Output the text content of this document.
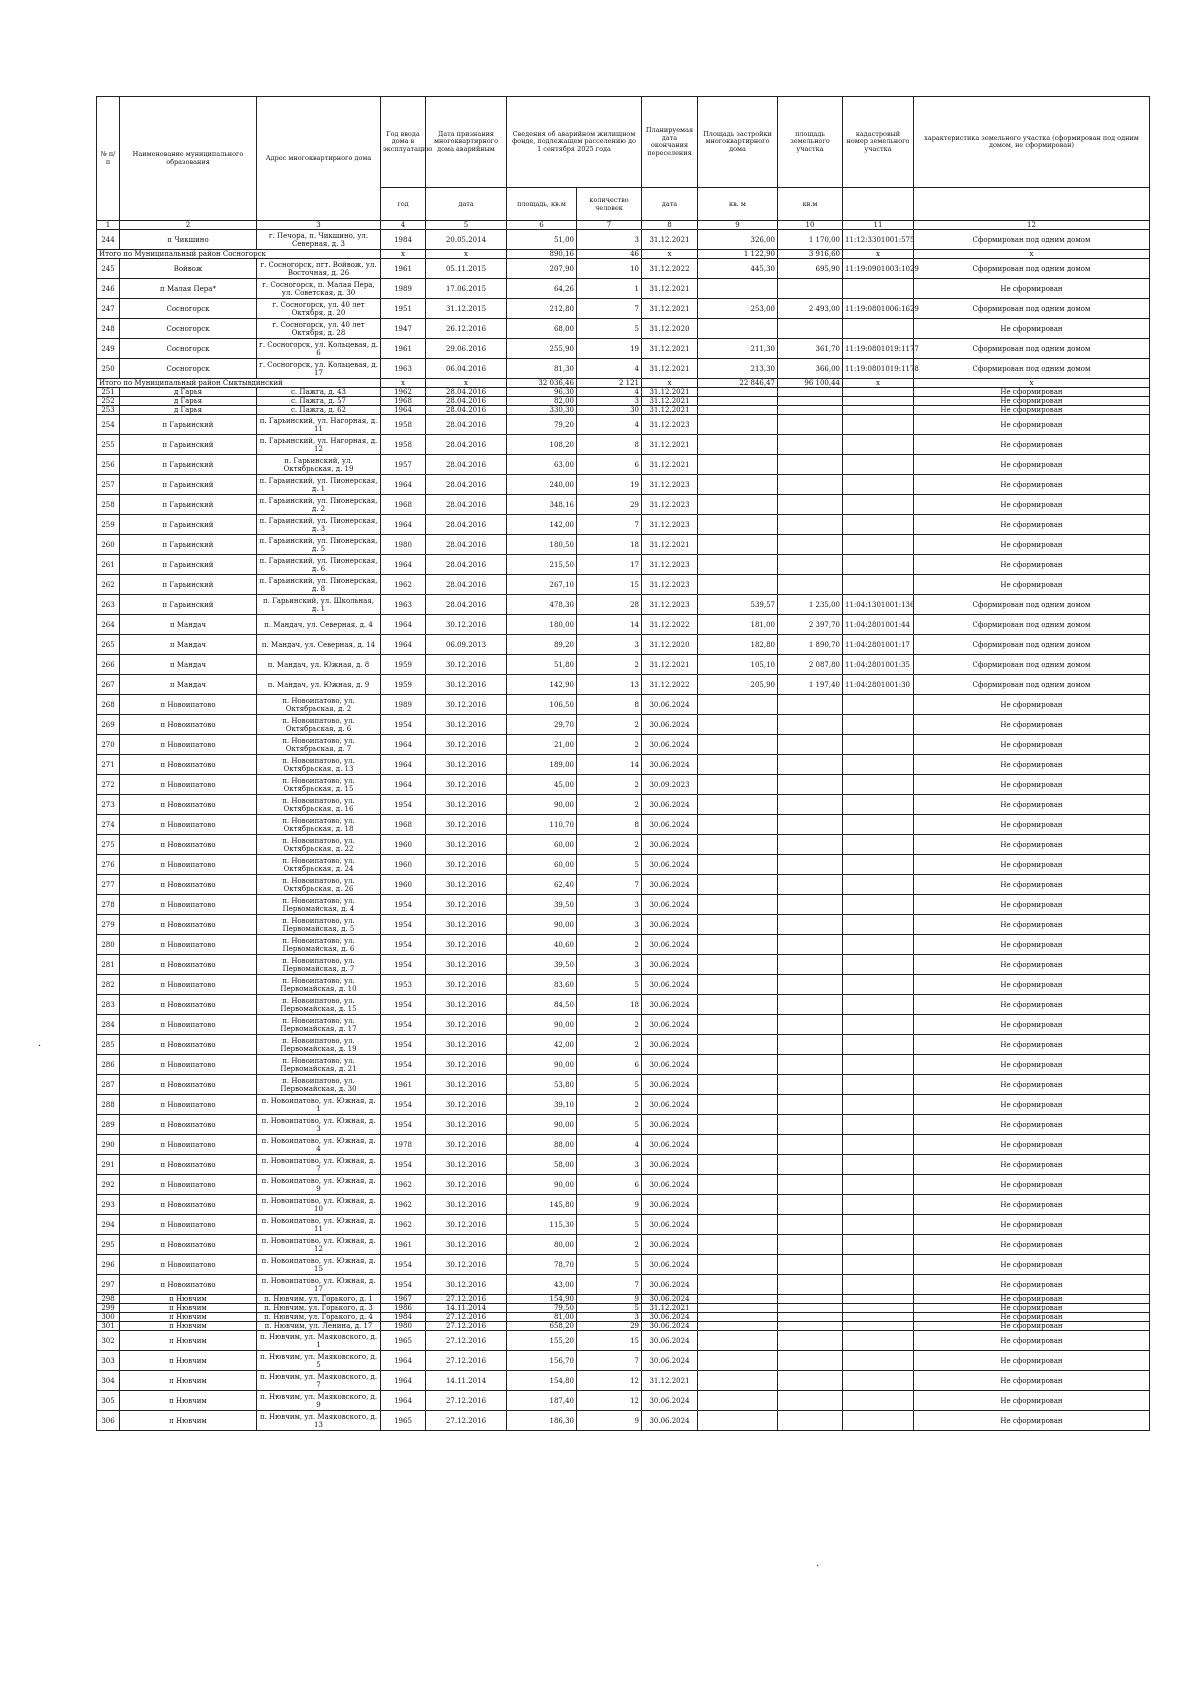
№ п/п	Наименование муниципального образования	Адрес многоквартирного дома	Год ввода дома в эксплуатацию	Дата признания многоквартирного дома аварийным	Сведения об аварийном жилищном фонде, подлежащем расселению до 1 сентября 2025 года		Планируемая дата окончания переселения	Площадь застройки многоквартирного дома	площадь земельного участка	кадастровый номер земельного участка	характеристика земельного участка (сформирован под одним домом, не сформирован)
			год	дата	площадь, кв.м	количество человек	дата	кв. м	кв.м		
1	2	3	4	5	6	7	8	9	10	11	12
244	п Чикшино	г. Печора, п. Чикшино, ул. Северная, д. 3	1984	20.05.2014	51,00	3	31.12.2021	326,00	1 170,00	11:12:3301001:575	Сформирован под одним домом
Итого по Муниципальный район Сосногорск			x	x	890,16	46	x	1 122,90	3 916,60	x	x
245	Войвож	г. Сосногорск, пгт. Войвож, ул. Восточная, д. 26	1961	05.11.2015	207,90	10	31.12.2022	445,30	695,90	11:19:0901003:1029	Сформирован под одним домом
246	п Малая Пера*	г. Сосногорск, п. Малая Пера, ул. Советская, д. 30	1989	17.06.2015	64,26	1	31.12.2021				Не сформирован
247	Сосногорск	г. Сосногорск, ул. 40 лет Октября, д. 20	1951	31.12.2015	212,80	7	31.12.2021	253,00	2 493,00	11:19:0801006:1629	Сформирован под одним домом
248	Сосногорск	г. Сосногорск, ул. 40 лет Октября, д. 28	1947	26.12.2016	68,00	5	31.12.2020				Не сформирован
249	Сосногорск	г. Сосногорск, ул. Кольцевая, д. 6	1961	29.06.2016	255,90	19	31.12.2021	211,30	361,70	11:19:0801019:1177	Сформирован под одним домом
250	Сосногорск	г. Сосногорск, ул. Кольцевая, д. 17	1963	06.04.2016	81,30	4	31.12.2021	213,30	366,00	11:19:0801019:1178	Сформирован под одним домом
Итого по Муниципальный район Сыктывдинский			x	x	32 036,46	2 121	x	22 846,47	96 100,44	x	x
251	д Гарья	с. Пажга, д. 43	1962	28.04.2016	96,30	4	31.12.2021				Не сформирован
252	д Гарья	с. Пажга, д. 57	1968	28.04.2016	82,00	3	31.12.2021				Не сформирован
253	д Гарья	с. Пажга, д. 62	1964	28.04.2016	330,30	30	31.12.2021				Не сформирован
254	п Гарьинский	п. Гарьинский, ул. Нагорная, д. 11	1958	28.04.2016	79,20	4	31.12.2023				Не сформирован
255	п Гарьинский	п. Гарьинский, ул. Нагорная, д. 12	1958	28.04.2016	108,20	8	31.12.2021				Не сформирован
256	п Гарьинский	п. Гарьинский, ул. Октябрьская, д. 19	1957	28.04.2016	63,00	6	31.12.2021				Не сформирован
257	п Гарьинский	п. Гарьинский, ул. Пионерская, д. 1	1964	28.04.2016	240,00	19	31.12.2023				Не сформирован
258	п Гарьинский	п. Гарьинский, ул. Пионерская, д. 2	1968	28.04.2016	348,16	29	31.12.2023				Не сформирован
259	п Гарьинский	п. Гарьинский, ул. Пионерская, д. 3	1964	28.04.2016	142,00	7	31.12.2023				Не сформирован
260	п Гарьинский	п. Гарьинский, ул. Пионерская, д. 5	1980	28.04.2016	180,50	18	31.12.2021				Не сформирован
261	п Гарьинский	п. Гарьинский, ул. Пионерская, д. 6	1964	28.04.2016	215,50	17	31.12.2023				Не сформирован
262	п Гарьинский	п. Гарьинский, ул. Пионерская, д. 8	1962	28.04.2016	267,10	15	31.12.2023				Не сформирован
263	п Гарьинский	п. Гарьинский, ул. Школьная, д. 1	1963	28.04.2016	478,30	28	31.12.2023	539,57	1 235,00	11:04:1301001:136	Сформирован под одним домом
264	п Мандач	п. Мандач, ул. Северная, д. 4	1964	30.12.2016	180,00	14	31.12.2022	181,00	2 397,70	11:04:2801001:44	Сформирован под одним домом
265	п Мандач	п. Мандач, ул. Северная, д. 14	1964	06.09.2013	89,20	3	31.12.2020	182,80	1 890,70	11:04:2801001:17	Сформирован под одним домом
266	п Мандач	п. Мандач, ул. Южная, д. 8	1959	30.12.2016	51,80	2	31.12.2021	105,10	2 087,80	11:04:2801001:35	Сформирован под одним домом
267	п Мандач	п. Мандач, ул. Южная, д. 9	1959	30.12.2016	142,90	13	31.12.2022	205,90	1 197,40	11:04:2801001:30	Сформирован под одним домом
268	п Новоипатово	п. Новоипатово, ул. Октябрьская, д. 2	1989	30.12.2016	106,50	8	30.06.2024				Не сформирован
269	п Новоипатово	п. Новоипатово, ул. Октябрьская, д. 6	1954	30.12.2016	29,70	2	30.06.2024				Не сформирован
270	п Новоипатово	п. Новоипатово, ул. Октябрьская, д. 7	1964	30.12.2016	21,00	2	30.06.2024				Не сформирован
271	п Новоипатово	п. Новоипатово, ул. Октябрьская, д. 13	1964	30.12.2016	189,00	14	30.06.2024				Не сформирован
272	п Новоипатово	п. Новоипатово, ул. Октябрьская, д. 15	1964	30.12.2016	45,00	2	30.09.2023				Не сформирован
273	п Новоипатово	п. Новоипатово, ул. Октябрьская, д. 16	1954	30.12.2016	90,00	2	30.06.2024				Не сформирован
274	п Новоипатово	п. Новоипатово, ул. Октябрьская, д. 18	1968	30.12.2016	110,70	8	30.06.2024				Не сформирован
275	п Новоипатово	п. Новоипатово, ул. Октябрьская, д. 22	1960	30.12.2016	60,00	2	30.06.2024				Не сформирован
276	п Новоипатово	п. Новоипатово, ул. Октябрьская, д. 24	1960	30.12.2016	60,00	5	30.06.2024				Не сформирован
277	п Новоипатово	п. Новоипатово, ул. Октябрьская, д. 26	1960	30.12.2016	62,40	7	30.06.2024				Не сформирован
278	п Новоипатово	п. Новоипатово, ул. Первомайская, д. 4	1954	30.12.2016	39,50	3	30.06.2024				Не сформирован
279	п Новоипатово	п. Новоипатово, ул. Первомайская, д. 5	1954	30.12.2016	90,00	3	30.06.2024				Не сформирован
280	п Новоипатово	п. Новоипатово, ул. Первомайская, д. 6	1954	30.12.2016	40,60	2	30.06.2024				Не сформирован
281	п Новоипатово	п. Новоипатово, ул. Первомайская, д. 7	1954	30.12.2016	39,50	3	30.06.2024				Не сформирован
282	п Новоипатово	п. Новоипатово, ул. Первомайская, д. 10	1953	30.12.2016	83,60	5	30.06.2024				Не сформирован
283	п Новоипатово	п. Новоипатово, ул. Первомайская, д. 15	1954	30.12.2016	84,50	18	30.06.2024				Не сформирован
284	п Новоипатово	п. Новоипатово, ул. Первомайская, д. 17	1954	30.12.2016	90,00	2	30.06.2024				Не сформирован
285	п Новоипатово	п. Новоипатово, ул. Первомайская, д. 19	1954	30.12.2016	42,00	2	30.06.2024				Не сформирован
286	п Новоипатово	п. Новоипатово, ул. Первомайская, д. 21	1954	30.12.2016	90,00	6	30.06.2024				Не сформирован
287	п Новоипатово	п. Новоипатово, ул. Первомайская, д. 30	1961	30.12.2016	53,80	5	30.06.2024				Не сформирован
288	п Новоипатово	п. Новоипатово, ул. Южная, д. 1	1954	30.12.2016	39,10	2	30.06.2024				Не сформирован
289	п Новоипатово	п. Новоипатово, ул. Южная, д. 3	1954	30.12.2016	90,00	5	30.06.2024				Не сформирован
290	п Новоипатово	п. Новоипатово, ул. Южная, д. 4	1978	30.12.2016	88,00	4	30.06.2024				Не сформирован
291	п Новоипатово	п. Новоипатово, ул. Южная, д. 7	1954	30.12.2016	58,00	3	30.06.2024				Не сформирован
292	п Новоипатово	п. Новоипатово, ул. Южная, д. 9	1962	30.12.2016	90,00	6	30.06.2024				Не сформирован
293	п Новоипатово	п. Новоипатово, ул. Южная, д. 10	1962	30.12.2016	145,80	9	30.06.2024				Не сформирован
294	п Новоипатово	п. Новоипатово, ул. Южная, д. 11	1962	30.12.2016	115,30	5	30.06.2024				Не сформирован
295	п Новоипатово	п. Новоипатово, ул. Южная, д. 12	1961	30.12.2016	80,00	2	30.06.2024				Не сформирован
296	п Новоипатово	п. Новоипатово, ул. Южная, д. 15	1954	30.12.2016	78,70	5	30.06.2024				Не сформирован
297	п Новоипатово	п. Новоипатово, ул. Южная, д. 17	1954	30.12.2016	43,00	7	30.06.2024				Не сформирован
298	п Нювчим	п. Нювчим, ул. Горького, д. 1	1967	27.12.2016	154,90	9	30.06.2024				Не сформирован
299	п Нювчим	п. Нювчим, ул. Горького, д. 3	1986	14.11.2014	79,50	5	31.12.2021				Не сформирован
300	п Нювчим	п. Нювчим, ул. Горького, д. 4	1984	27.12.2016	81,00	3	30.06.2024				Не сформирован
301	п Нювчим	п. Нювчим, ул. Ленина, д. 17	1980	27.12.2016	658,20	29	30.06.2024				Не сформирован
302	п Нювчим	п. Нювчим, ул. Маяковского, д. 1	1965	27.12.2016	155,20	15	30.06.2024				Не сформирован
303	п Нювчим	п. Нювчим, ул. Маяковского, д. 5	1964	27.12.2016	156,70	7	30.06.2024				Не сформирован
304	п Нювчим	п. Нювчим, ул. Маяковского, д. 7	1964	14.11.2014	154,80	12	31.12.2021				Не сформирован
305	п Нювчим	п. Нювчим, ул. Маяковского, д. 9	1964	27.12.2016	187,40	12	30.06.2024				Не сформирован
306	п Нювчим	п. Нювчим, ул. Маяковского, д. 13	1965	27.12.2016	186,30	9	30.06.2024				Не сформирован
·
·
